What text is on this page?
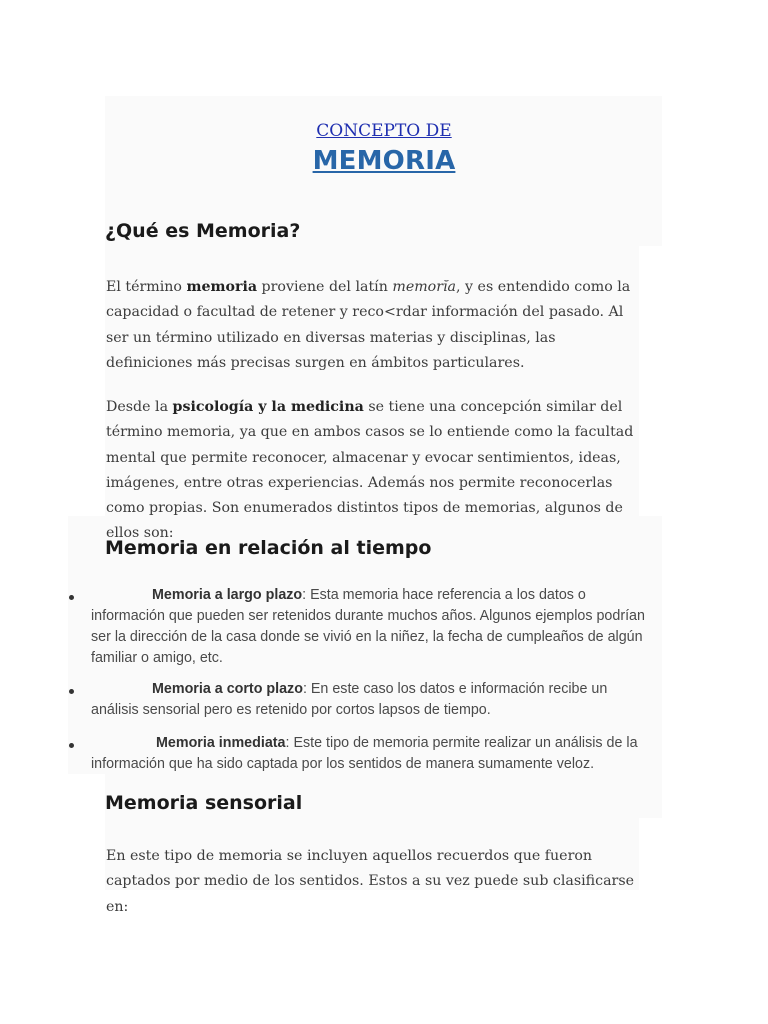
CONCEPTO DE
MEMORIA
¿Qué es Memoria?
El término memoria proviene del latín memorĭa, y es entendido como la capacidad o facultad de retener y reco<rdar información del pasado. Al ser un término utilizado en diversas materias y disciplinas, las definiciones más precisas surgen en ámbitos particulares.
Desde la psicología y la medicina se tiene una concepción similar del término memoria, ya que en ambos casos se lo entiende como la facultad mental que permite reconocer, almacenar y evocar sentimientos, ideas, imágenes, entre otras experiencias. Además nos permite reconocerlas como propias. Son enumerados distintos tipos de memorias, algunos de ellos son:
Memoria en relación al tiempo
Memoria a largo plazo: Esta memoria hace referencia a los datos o información que pueden ser retenidos durante muchos años. Algunos ejemplos podrían ser la dirección de la casa donde se vivió en la niñez, la fecha de cumpleaños de algún familiar o amigo, etc.
Memoria a corto plazo: En este caso los datos e información recibe un análisis sensorial pero es retenido por cortos lapsos de tiempo.
Memoria inmediata: Este tipo de memoria permite realizar un análisis de la información que ha sido captada por los sentidos de manera sumamente veloz.
Memoria sensorial
En este tipo de memoria se incluyen aquellos recuerdos que fueron captados por medio de los sentidos. Estos a su vez puede sub clasificarse en:
